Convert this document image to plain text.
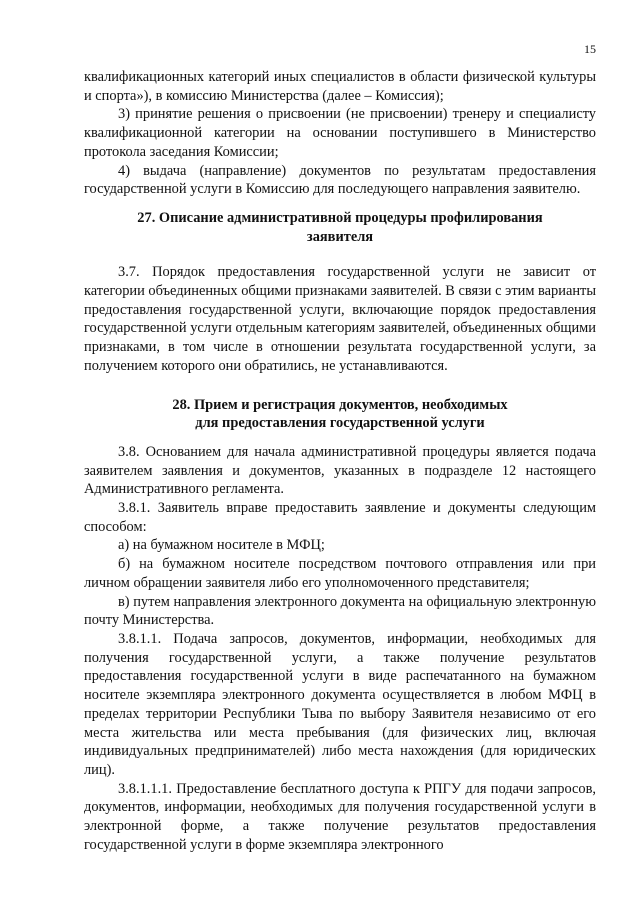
15

квалификационных категорий иных специалистов в области физической культуры и спорта»), в комиссию Министерства (далее – Комиссия);

3) принятие решения о присвоении (не присвоении) тренеру и специалисту квалификационной категории на основании поступившего в Министерство протокола заседания Комиссии;

4) выдача (направление) документов по результатам предоставления государственной услуги в Комиссию для последующего направления заявителю.

27. Описание административной процедуры профилирования
заявителя

3.7. Порядок предоставления государственной услуги не зависит от категории объединенных общими признаками заявителей. В связи с этим варианты предоставления государственной услуги, включающие порядок предоставления государственной услуги отдельным категориям заявителей, объединенных общими признаками, в том числе в отношении результата государственной услуги, за получением которого они обратились, не устанавливаются.

28. Прием и регистрация документов, необходимых
для предоставления государственной услуги

3.8. Основанием для начала административной процедуры является подача заявителем заявления и документов, указанных в подразделе 12 настоящего Административного регламента.

3.8.1. Заявитель вправе предоставить заявление и документы следующим способом:

а) на бумажном носителе в МФЦ;

б) на бумажном носителе посредством почтового отправления или при личном обращении заявителя либо его уполномоченного представителя;

в) путем направления электронного документа на официальную электронную почту Министерства.

3.8.1.1. Подача запросов, документов, информации, необходимых для получения государственной услуги, а также получение результатов предоставления государственной услуги в виде распечатанного на бумажном носителе экземпляра электронного документа осуществляется в любом МФЦ в пределах территории Республики Тыва по выбору Заявителя независимо от его места жительства или места пребывания (для физических лиц, включая индивидуальных предпринимателей) либо места нахождения (для юридических лиц).

3.8.1.1.1. Предоставление бесплатного доступа к РПГУ для подачи запросов, документов, информации, необходимых для получения государственной услуги в электронной форме, а также получение результатов предоставления государственной услуги в форме экземпляра электронного
